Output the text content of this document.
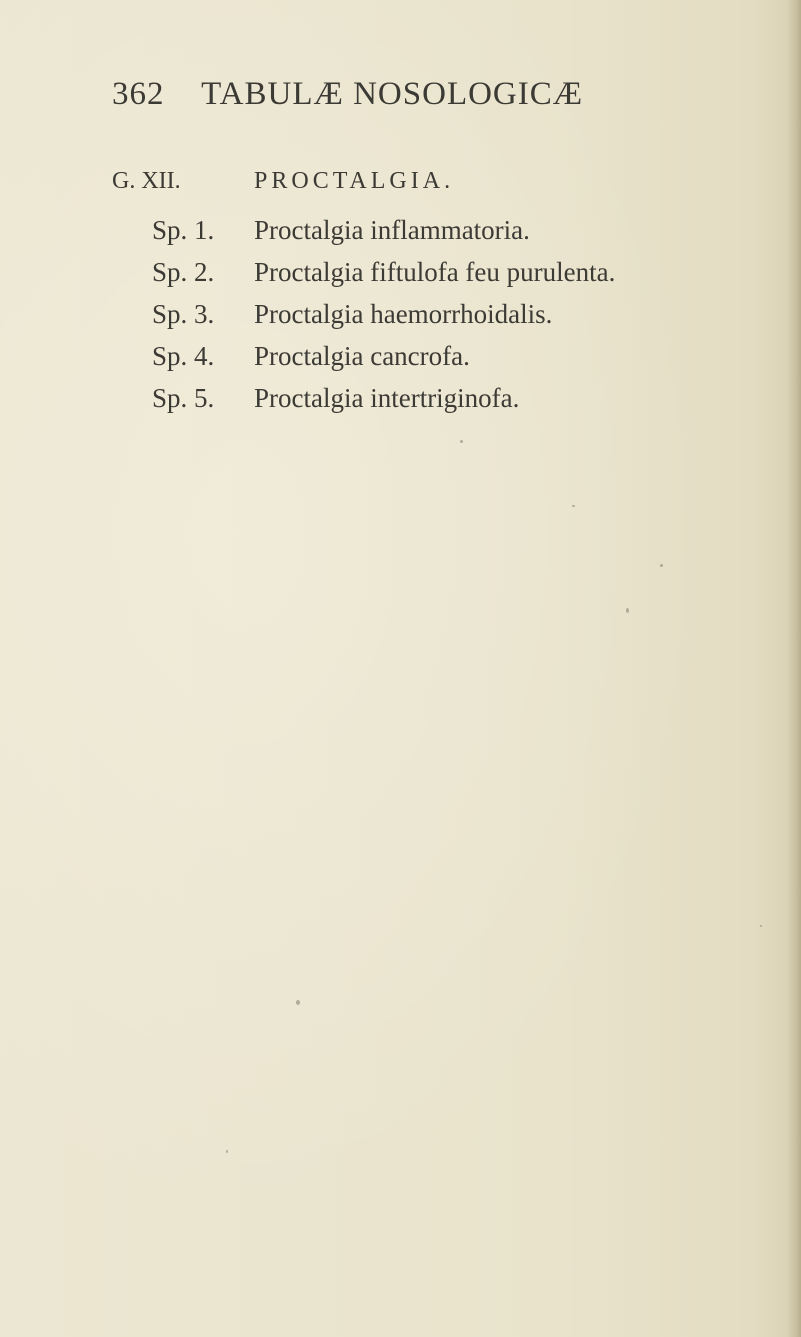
362 TABULÆ NOSOLOGICÆ
G. XII.	PROCTALGIA.
Sp. 1.	Proctalgia inflammatoria.
Sp. 2.	Proctalgia fiftulofa feu purulenta.
Sp. 3.	Proctalgia haemorrhoidalis.
Sp. 4.	Proctalgia cancrofa.
Sp. 5.	Proctalgia intertriginofa.
